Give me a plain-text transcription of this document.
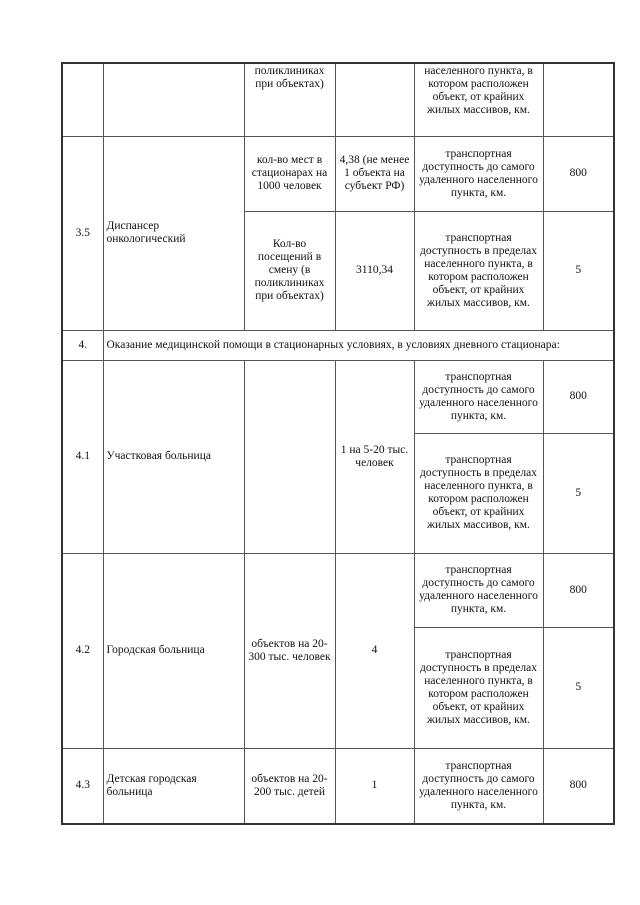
		поликлиниках при объектах)		населенного пункта, в котором расположен объект, от крайних жилых массивов, км.	
3.5	Диспансер онкологический	кол-во мест в стационарах на 1000 человек	4,38 (не менее 1 объекта на субъект РФ)	транспортная доступность до самого удаленного населенного пункта, км.	800
		Кол-во посещений в смену (в поликлиниках при объектах)	3110,34	транспортная доступность в пределах населенного пункта, в котором расположен объект, от крайних жилых массивов, км.	5
4.	Оказание медицинской помощи в стационарных условиях, в условиях дневного стационара:				
4.1	Участковая больница		1 на 5-20 тыс. человек	транспортная доступность до самого удаленного населенного пункта, км.	800
				транспортная доступность в пределах населенного пункта, в котором расположен объект, от крайних жилых массивов, км.	5
4.2	Городская больница	объектов на 20-300 тыс. человек	4	транспортная доступность до самого удаленного населенного пункта, км.	800
				транспортная доступность в пределах населенного пункта, в котором расположен объект, от крайних жилых массивов, км.	5
4.3	Детская городская больница	объектов на 20-200 тыс. детей	1	транспортная доступность до самого удаленного населенного пункта, км.	800
